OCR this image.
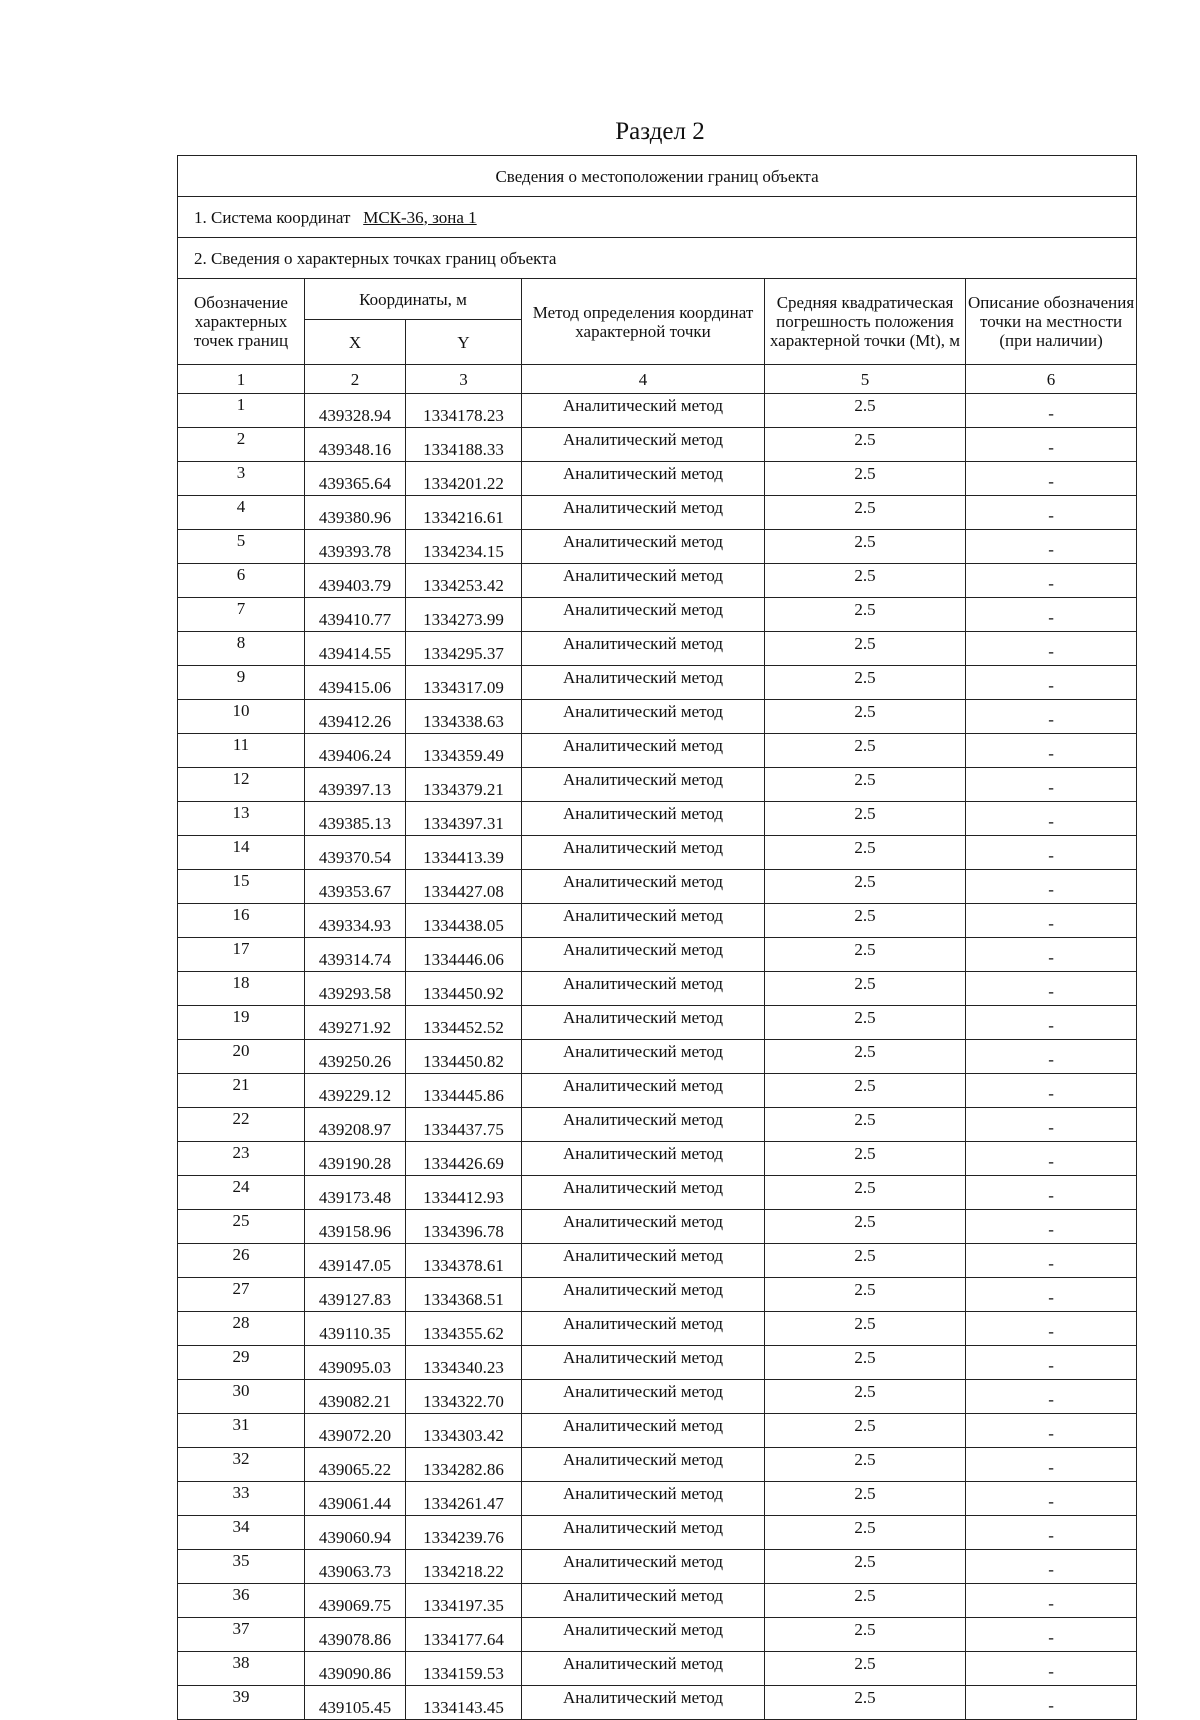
Раздел 2
Сведения о местоположении границ объекта					
1. Система координат МСК-36, зона 1					
2. Сведения о характерных точках границ объекта					
Обозначение характерных точек границ	Координаты, м		Метод определения координат характерной точки	Средняя квадратическая погрешность положения характерной точки (Mt), м	Описание обозначения точки на местности (при наличии)
	X	Y			
1	2	3	4	5	6
1	439328.94	1334178.23	Аналитический метод	2.5	-
2	439348.16	1334188.33	Аналитический метод	2.5	-
3	439365.64	1334201.22	Аналитический метод	2.5	-
4	439380.96	1334216.61	Аналитический метод	2.5	-
5	439393.78	1334234.15	Аналитический метод	2.5	-
6	439403.79	1334253.42	Аналитический метод	2.5	-
7	439410.77	1334273.99	Аналитический метод	2.5	-
8	439414.55	1334295.37	Аналитический метод	2.5	-
9	439415.06	1334317.09	Аналитический метод	2.5	-
10	439412.26	1334338.63	Аналитический метод	2.5	-
11	439406.24	1334359.49	Аналитический метод	2.5	-
12	439397.13	1334379.21	Аналитический метод	2.5	-
13	439385.13	1334397.31	Аналитический метод	2.5	-
14	439370.54	1334413.39	Аналитический метод	2.5	-
15	439353.67	1334427.08	Аналитический метод	2.5	-
16	439334.93	1334438.05	Аналитический метод	2.5	-
17	439314.74	1334446.06	Аналитический метод	2.5	-
18	439293.58	1334450.92	Аналитический метод	2.5	-
19	439271.92	1334452.52	Аналитический метод	2.5	-
20	439250.26	1334450.82	Аналитический метод	2.5	-
21	439229.12	1334445.86	Аналитический метод	2.5	-
22	439208.97	1334437.75	Аналитический метод	2.5	-
23	439190.28	1334426.69	Аналитический метод	2.5	-
24	439173.48	1334412.93	Аналитический метод	2.5	-
25	439158.96	1334396.78	Аналитический метод	2.5	-
26	439147.05	1334378.61	Аналитический метод	2.5	-
27	439127.83	1334368.51	Аналитический метод	2.5	-
28	439110.35	1334355.62	Аналитический метод	2.5	-
29	439095.03	1334340.23	Аналитический метод	2.5	-
30	439082.21	1334322.70	Аналитический метод	2.5	-
31	439072.20	1334303.42	Аналитический метод	2.5	-
32	439065.22	1334282.86	Аналитический метод	2.5	-
33	439061.44	1334261.47	Аналитический метод	2.5	-
34	439060.94	1334239.76	Аналитический метод	2.5	-
35	439063.73	1334218.22	Аналитический метод	2.5	-
36	439069.75	1334197.35	Аналитический метод	2.5	-
37	439078.86	1334177.64	Аналитический метод	2.5	-
38	439090.86	1334159.53	Аналитический метод	2.5	-
39	439105.45	1334143.45	Аналитический метод	2.5	-
